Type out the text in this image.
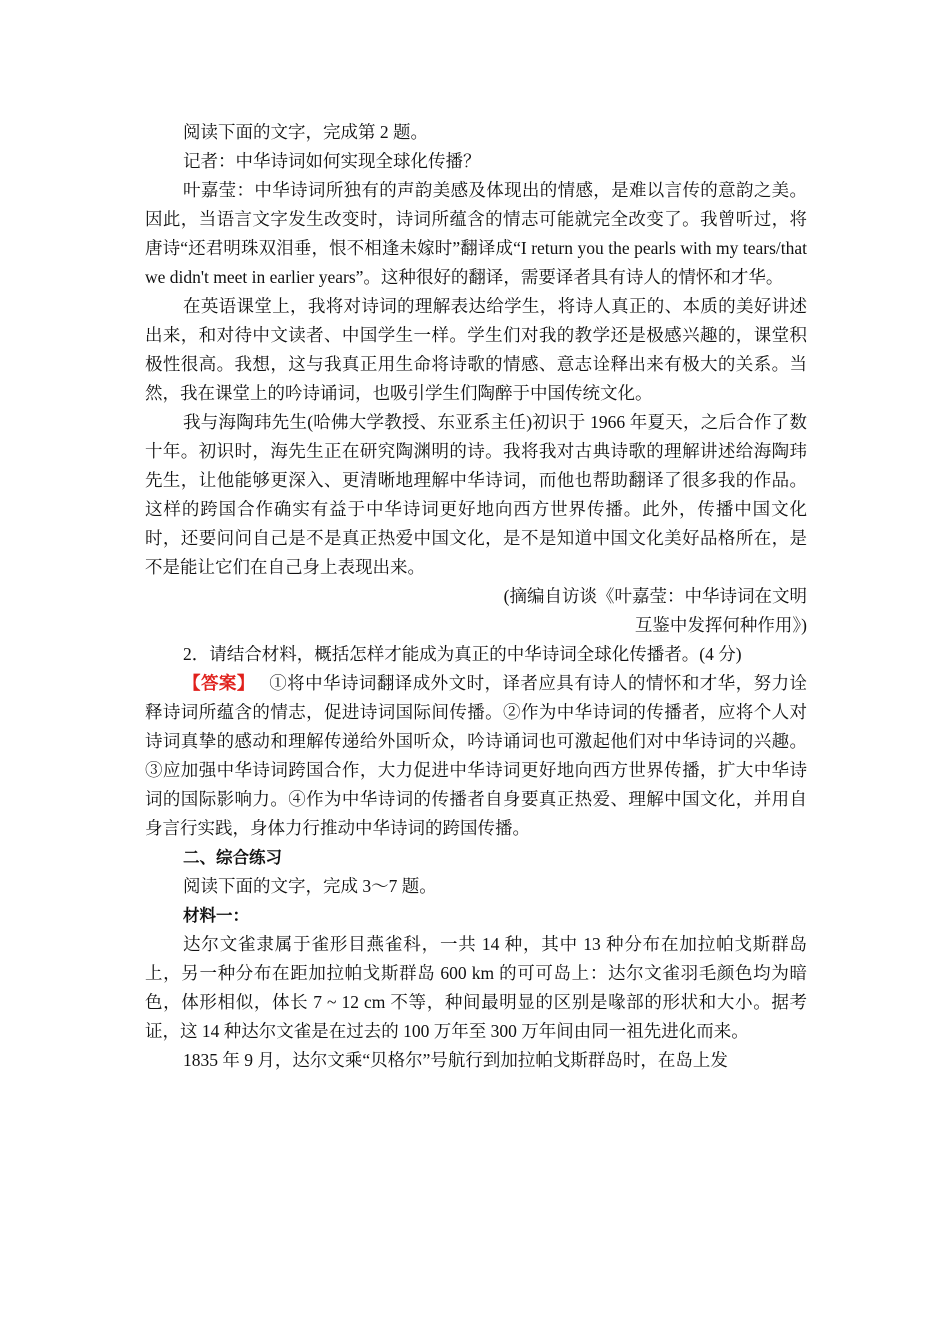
阅读下面的文字，完成第 2 题。

记者：中华诗词如何实现全球化传播？

叶嘉莹：中华诗词所独有的声韵美感及体现出的情感，是难以言传的意韵之美。因此，当语言文字发生改变时，诗词所蕴含的情志可能就完全改变了。我曾听过，将唐诗“还君明珠双泪垂，恨不相逢未嫁时”翻译成“I return you the pearls with my tears/that we didn't meet in earlier years”。这种很好的翻译，需要译者具有诗人的情怀和才华。

在英语课堂上，我将对诗词的理解表达给学生，将诗人真正的、本质的美好讲述出来，和对待中文读者、中国学生一样。学生们对我的教学还是极感兴趣的，课堂积极性很高。我想，这与我真正用生命将诗歌的情感、意志诠释出来有极大的关系。当然，我在课堂上的吟诗诵词，也吸引学生们陶醉于中国传统文化。

我与海陶玮先生(哈佛大学教授、东亚系主任)初识于 1966 年夏天，之后合作了数十年。初识时，海先生正在研究陶渊明的诗。我将我对古典诗歌的理解讲述给海陶玮先生，让他能够更深入、更清晰地理解中华诗词，而他也帮助翻译了很多我的作品。这样的跨国合作确实有益于中华诗词更好地向西方世界传播。此外，传播中国文化时，还要问问自己是不是真正热爱中国文化，是不是知道中国文化美好品格所在，是不是能让它们在自己身上表现出来。

(摘编自访谈《叶嘉莹：中华诗词在文明

互鉴中发挥何种作用》)

2．请结合材料，概括怎样才能成为真正的中华诗词全球化传播者。(4 分)

【答案】 ①将中华诗词翻译成外文时，译者应具有诗人的情怀和才华，努力诠释诗词所蕴含的情志，促进诗词国际间传播。②作为中华诗词的传播者，应将个人对诗词真挚的感动和理解传递给外国听众，吟诗诵词也可激起他们对中华诗词的兴趣。③应加强中华诗词跨国合作，大力促进中华诗词更好地向西方世界传播，扩大中华诗词的国际影响力。④作为中华诗词的传播者自身要真正热爱、理解中国文化，并用自身言行实践，身体力行推动中华诗词的跨国传播。

二、综合练习

阅读下面的文字，完成 3～7 题。

材料一：

达尔文雀隶属于雀形目燕雀科，一共 14 种，其中 13 种分布在加拉帕戈斯群岛上，另一种分布在距加拉帕戈斯群岛 600 km 的可可岛上：达尔文雀羽毛颜色均为暗色，体形相似，体长 7 ~ 12 cm 不等，种间最明显的区别是喙部的形状和大小。据考证，这 14 种达尔文雀是在过去的 100 万年至 300 万年间由同一祖先进化而来。

1835 年 9 月，达尔文乘“贝格尔”号航行到加拉帕戈斯群岛时，在岛上发
